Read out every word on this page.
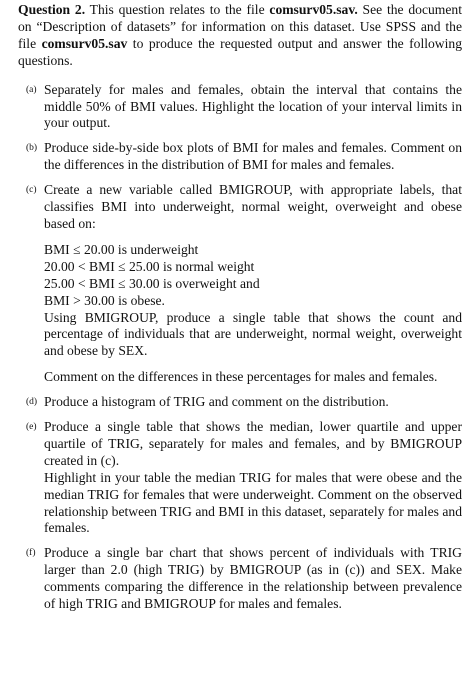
Question 2. This question relates to the file comsurv05.sav. See the document on “Description of datasets” for information on this dataset. Use SPSS and the file comsurv05.sav to produce the requested output and answer the following questions.

(a) Separately for males and females, obtain the interval that contains the middle 50% of BMI values. Highlight the location of your interval limits in your output.

(b) Produce side-by-side box plots of BMI for males and females. Comment on the differences in the distribution of BMI for males and females.

(c) Create a new variable called BMIGROUP, with appropriate labels, that classifies BMI into underweight, normal weight, overweight and obese based on:

BMI ≤ 20.00 is underweight
20.00 < BMI ≤ 25.00 is normal weight
25.00 < BMI ≤ 30.00 is overweight and
BMI > 30.00 is obese.

Using BMIGROUP, produce a single table that shows the count and percentage of individuals that are underweight, normal weight, overweight and obese by SEX.

Comment on the differences in these percentages for males and females.

(d) Produce a histogram of TRIG and comment on the distribution.

(e) Produce a single table that shows the median, lower quartile and upper quartile of TRIG, separately for males and females, and by BMIGROUP created in (c).

Highlight in your table the median TRIG for males that were obese and the median TRIG for females that were underweight. Comment on the observed relationship between TRIG and BMI in this dataset, separately for males and females.

(f) Produce a single bar chart that shows percent of individuals with TRIG larger than 2.0 (high TRIG) by BMIGROUP (as in (c)) and SEX. Make comments comparing the difference in the relationship between prevalence of high TRIG and BMIGROUP for males and females.
